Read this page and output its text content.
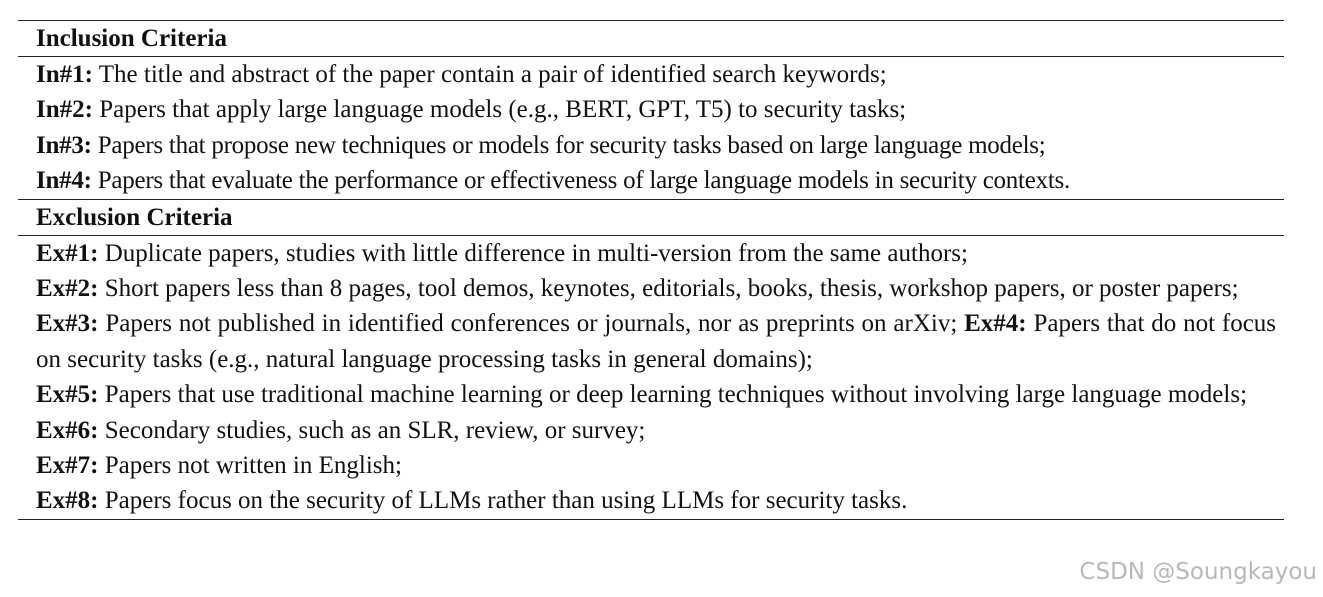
Inclusion Criteria
In#1: The title and abstract of the paper contain a pair of identified search keywords;
In#2: Papers that apply large language models (e.g., BERT, GPT, T5) to security tasks;
In#3: Papers that propose new techniques or models for security tasks based on large language models;
In#4: Papers that evaluate the performance or effectiveness of large language models in security contexts.
Exclusion Criteria
Ex#1: Duplicate papers, studies with little difference in multi-version from the same authors;
Ex#2: Short papers less than 8 pages, tool demos, keynotes, editorials, books, thesis, workshop papers, or poster papers;
Ex#3: Papers not published in identified conferences or journals, nor as preprints on arXiv; Ex#4: Papers that do not focus on security tasks (e.g., natural language processing tasks in general domains);
Ex#5: Papers that use traditional machine learning or deep learning techniques without involving large language models;
Ex#6: Secondary studies, such as an SLR, review, or survey;
Ex#7: Papers not written in English;
Ex#8: Papers focus on the security of LLMs rather than using LLMs for security tasks.
CSDN @Soungkayou
